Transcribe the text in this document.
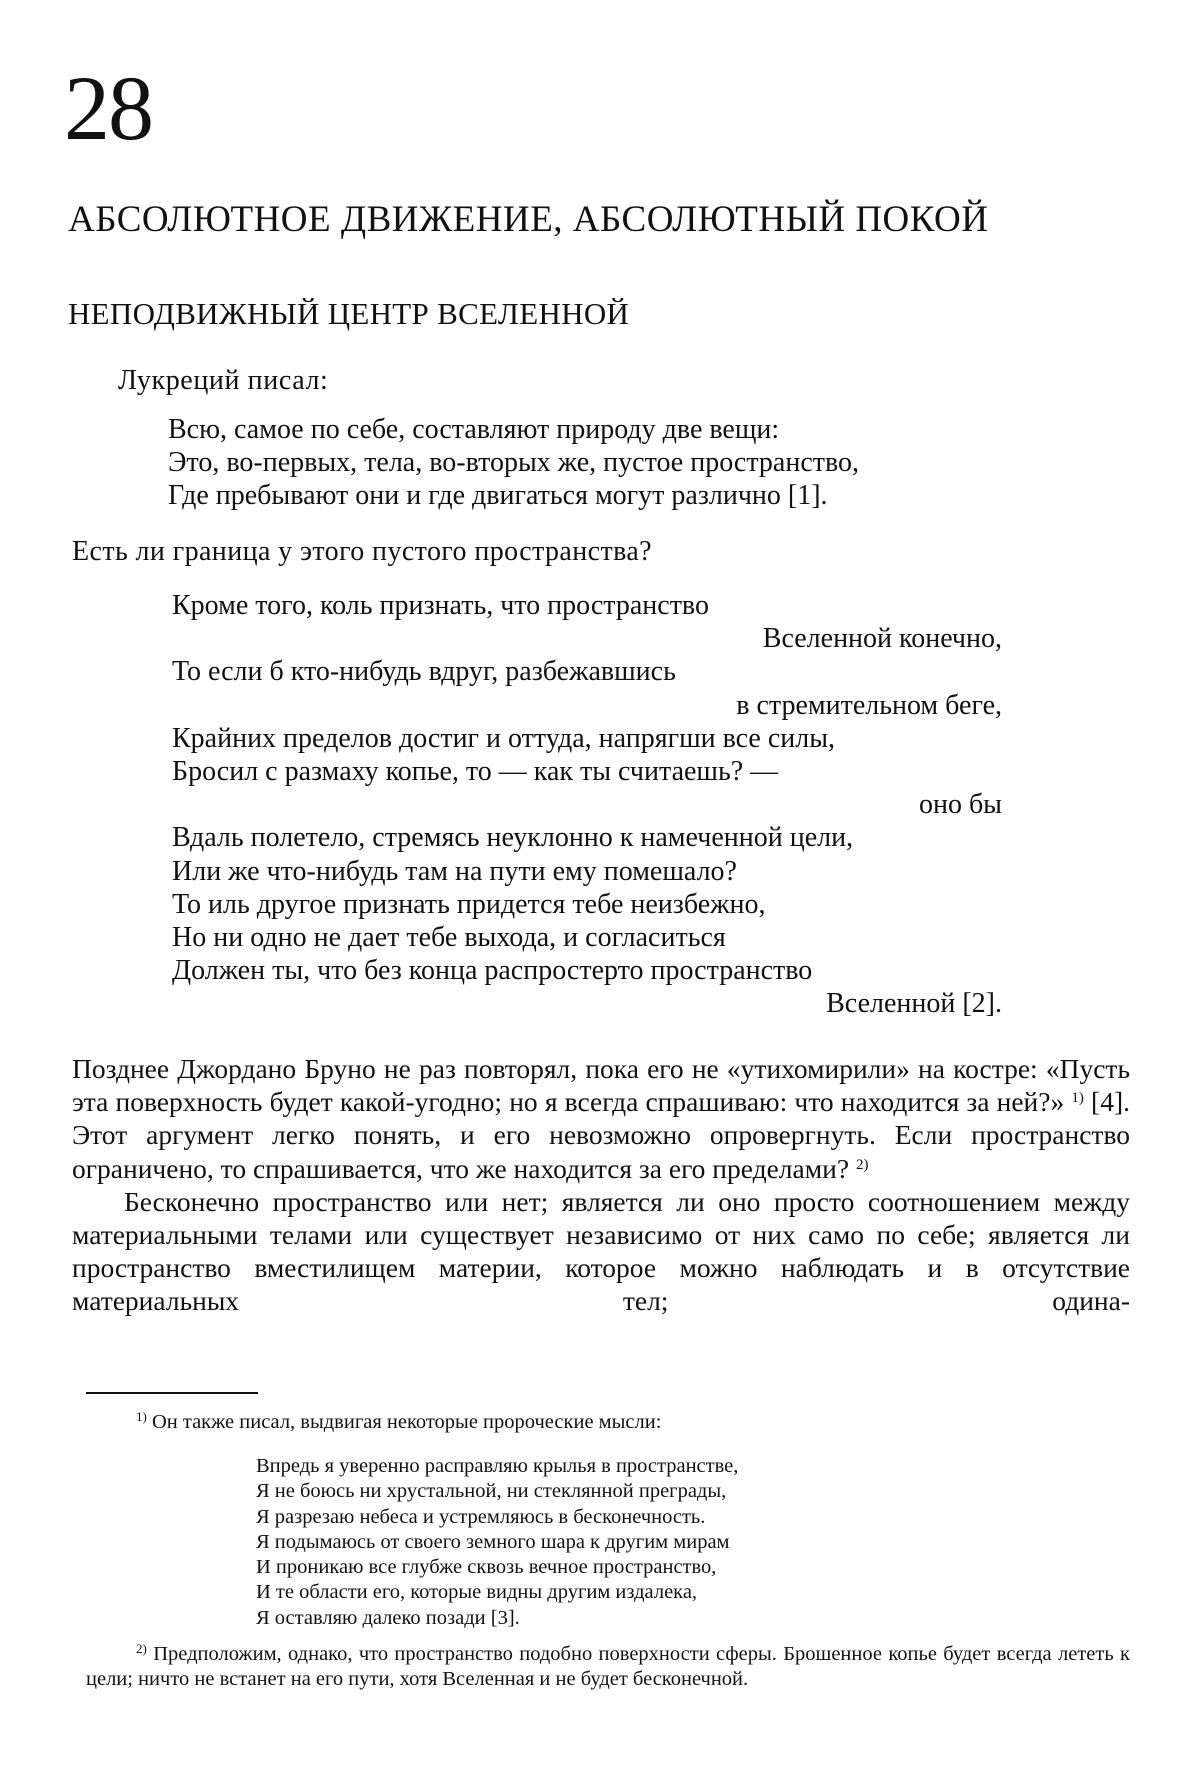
28
АБСОЛЮТНОЕ ДВИЖЕНИЕ, АБСОЛЮТНЫЙ ПОКОЙ
НЕПОДВИЖНЫЙ ЦЕНТР ВСЕЛЕННОЙ
Лукреций писал:
Всю, самое по себе, составляют природу две вещи:
Это, во-первых, тела, во-вторых же, пустое пространство,
Где пребывают они и где двигаться могут различно [1].
Есть ли граница у этого пустого пространства?
Кроме того, коль признать, что пространство
Вселенной конечно,
То если б кто-нибудь вдруг, разбежавшись
в стремительном беге,
Крайних пределов достиг и оттуда, напрягши все силы,
Бросил с размаху копье, то — как ты считаешь? —
оно бы
Вдаль полетело, стремясь неуклонно к намеченной цели,
Или же что-нибудь там на пути ему помешало?
То иль другое признать придется тебе неизбежно,
Но ни одно не дает тебе выхода, и согласиться
Должен ты, что без конца распростерто пространство
Вселенной [2].

Позднее Джордано Бруно не раз повторял, пока его не «утихомирили» на костре: «Пусть эта поверхность будет какой-угодно; но я всегда спрашиваю: что находится за ней?» $^{1)}$ [4]. Этот аргумент легко понять, и его невозможно опровергнуть. Если пространство ограничено, то спрашивается, что же находится за его пределами? $^{2)}$

Бесконечно пространство или нет; является ли оно просто соотношением между материальными телами или существует независимо от них само по себе; является ли пространство вместилищем материи, которое можно наблюдать и в отсутствие материальных тел; одина-

$^{1)}$ Он также писал, выдвигая некоторые пророческие мысли:
Впредь я уверенно расправляю крылья в пространстве,
Я не боюсь ни хрустальной, ни стеклянной преграды,
Я разрезаю небеса и устремляюсь в бесконечность.
Я подымаюсь от своего земного шара к другим мирам
И проникаю все глубже сквозь вечное пространство,
И те области его, которые видны другим издалека,
Я оставляю далеко позади [3].
$^{2)}$ Предположим, однако, что пространство подобно поверхности сферы. Брошенное копье будет всегда лететь к цели; ничто не встанет на его пути, хотя Вселенная и не будет бесконечной.
